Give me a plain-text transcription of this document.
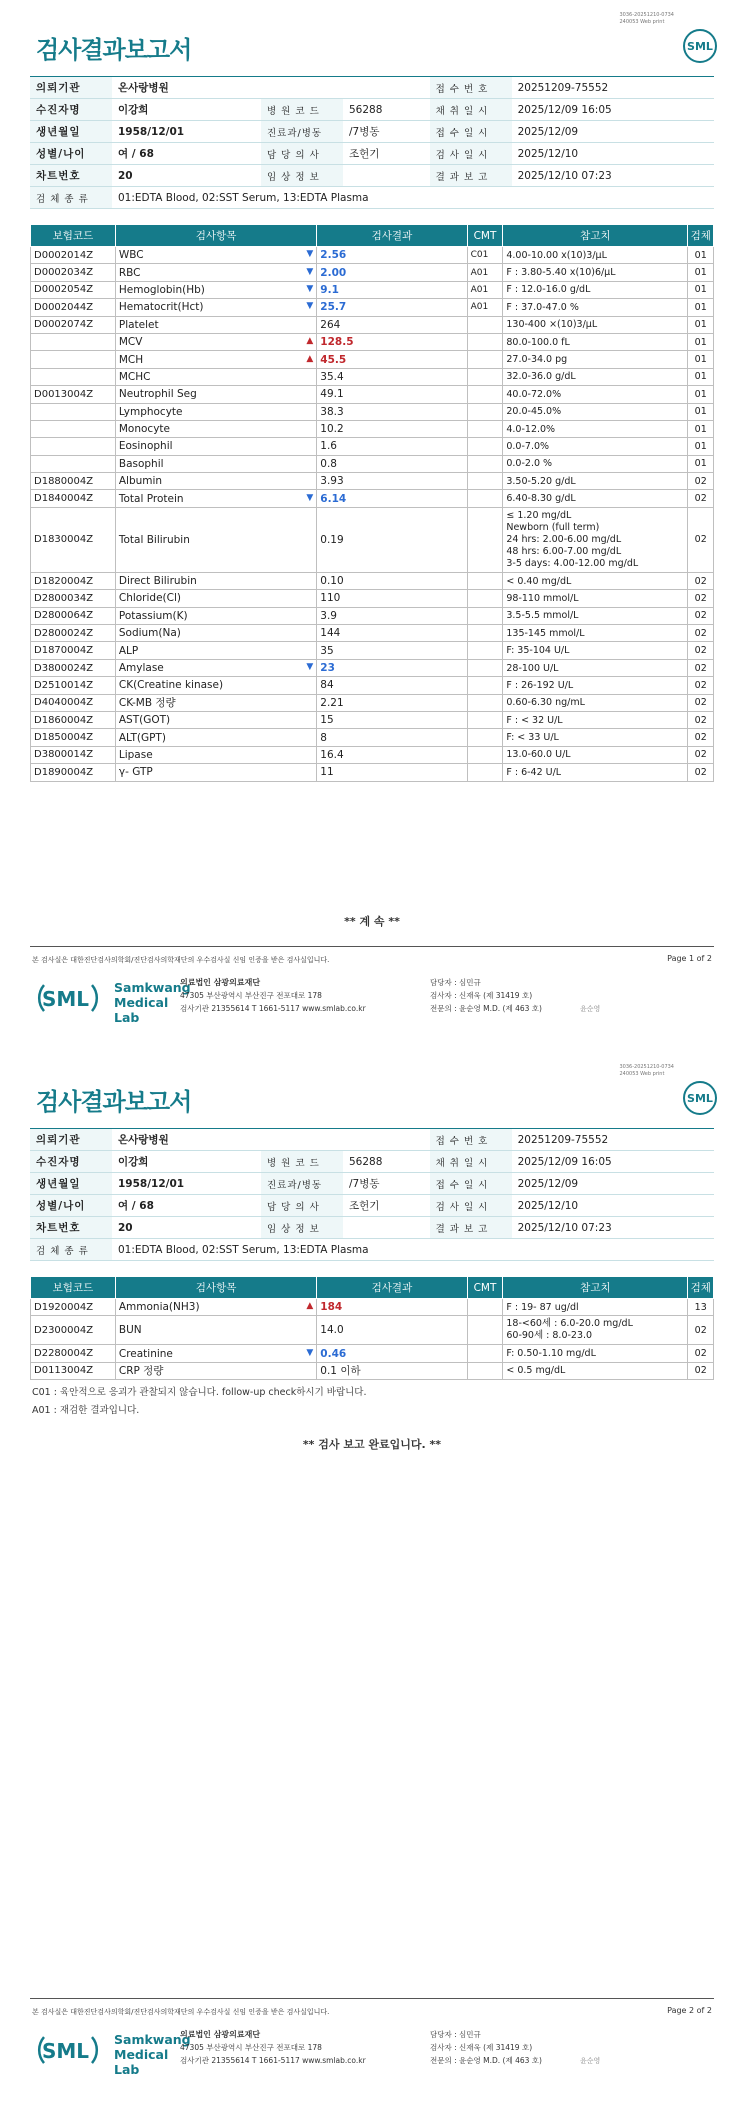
3036-20251210-0734
240053 Web print
검사결과보고서	SML
의뢰기관	온사랑병원			접 수 번 호	20251209-75552
수진자명	이강희	병 원 코 드	56288	채 취 일 시	2025/12/09 16:05
생년월일	1958/12/01	진료과/병동	/7병동	접 수 일 시	2025/12/09
성별/나이	여 / 68	담 당 의 사	조헌기	검 사 일 시	2025/12/10
차트번호	20	임 상 정 보		결 과 보 고	2025/12/10 07:23
검 체 종 류	01:EDTA Blood, 02:SST Serum, 13:EDTA Plasma				
보험코드	검사항목	검사결과	CMT	참고치	검체
D0002014Z	WBC ▼	2.56	C01	4.00-10.00 x(10)3/μL	01
D0002034Z	RBC ▼	2.00	A01	F : 3.80-5.40 x(10)6/μL	01
D0002054Z	Hemoglobin(Hb) ▼	9.1	A01	F : 12.0-16.0 g/dL	01
D0002044Z	Hematocrit(Hct) ▼	25.7	A01	F : 37.0-47.0 %	01
D0002074Z	Platelet	264		130-400 ×(10)3/μL	01

	MCV ▲	128.5		80.0-100.0 fL	01

	MCH ▲	45.5		27.0-34.0 pg	01

	MCHC	35.4		32.0-36.0 g/dL	01
D0013004Z	Neutrophil Seg	49.1		40.0-72.0%	01

	Lymphocyte	38.3		20.0-45.0%	01

	Monocyte	10.2		4.0-12.0%	01

	Eosinophil	1.6		0.0-7.0%	01

	Basophil	0.8		0.0-2.0 %	01
D1880004Z	Albumin	3.93		3.50-5.20 g/dL	02
D1840004Z	Total Protein ▼	6.14		6.40-8.30 g/dL	02
D1830004Z	Total Bilirubin	0.19		≤ 1.20 mg/dL
Newborn (full term)
24 hrs: 2.00-6.00 mg/dL
48 hrs: 6.00-7.00 mg/dL
3-5 days: 4.00-12.00 mg/dL	02
D1820004Z	Direct Bilirubin	0.10		< 0.40 mg/dL	02
D2800034Z	Chloride(Cl)	110		98-110 mmol/L	02
D2800064Z	Potassium(K)	3.9		3.5-5.5 mmol/L	02
D2800024Z	Sodium(Na)	144		135-145 mmol/L	02
D1870004Z	ALP	35		F: 35-104 U/L	02
D3800024Z	Amylase ▼	23		28-100 U/L	02
D2510014Z	CK(Creatine kinase)	84		F : 26-192 U/L	02
D4040004Z	CK-MB 정량	2.21		0.60-6.30 ng/mL	02
D1860004Z	AST(GOT)	15		F : < 32 U/L	02
D1850004Z	ALT(GPT)	8		F: < 33 U/L	02
D3800014Z	Lipase	16.4		13.0-60.0 U/L	02
D1890004Z	γ- GTP	11		F : 6-42 U/L	02
** 계 속 **
본 검사실은 대한진단검사의학회/진단검사의학재단의 우수검사실 신임 인증을 받은 검사실입니다.	Page 1 of 2
SML Samkwang
Medical Lab
의료법인 삼광의료재단
47305 부산광역시 부산진구 전포대로 178
검사기관 21355614 T 1661-5117 www.smlab.co.kr
담당자 : 심민규
검사자 : 신재욱 (제 31419 호)
전문의 : 윤순영 M.D. (제 463 호)	윤순영
3036-20251210-0734
240053 Web print
검사결과보고서	SML
의뢰기관	온사랑병원			접 수 번 호	20251209-75552
수진자명	이강희	병 원 코 드	56288	채 취 일 시	2025/12/09 16:05
생년월일	1958/12/01	진료과/병동	/7병동	접 수 일 시	2025/12/09
성별/나이	여 / 68	담 당 의 사	조헌기	검 사 일 시	2025/12/10
차트번호	20	임 상 정 보		결 과 보 고	2025/12/10 07:23
검 체 종 류	01:EDTA Blood, 02:SST Serum, 13:EDTA Plasma				
보험코드	검사항목	검사결과	CMT	참고치	검체
D1920004Z	Ammonia(NH3) ▲	184		F : 19- 87 ug/dl	13
D2300004Z	BUN	14.0		18-<60세 : 6.0-20.0 mg/dL
60-90세 : 8.0-23.0	02
D2280004Z	Creatinine ▼	0.46		F: 0.50-1.10 mg/dL	02
D0113004Z	CRP 정량	0.1 이하		< 0.5 mg/dL	02
C01 : 육안적으로 응괴가 관찰되지 않습니다. follow-up check하시기 바랍니다.
A01 : 재검한 결과입니다.
** 검사 보고 완료입니다. **
본 검사실은 대한진단검사의학회/진단검사의학재단의 우수검사실 신임 인증을 받은 검사실입니다.	Page 2 of 2
SML Samkwang
Medical Lab
의료법인 삼광의료재단
47305 부산광역시 부산진구 전포대로 178
검사기관 21355614 T 1661-5117 www.smlab.co.kr
담당자 : 심민규
검사자 : 신재욱 (제 31419 호)
전문의 : 윤순영 M.D. (제 463 호)	윤순영
